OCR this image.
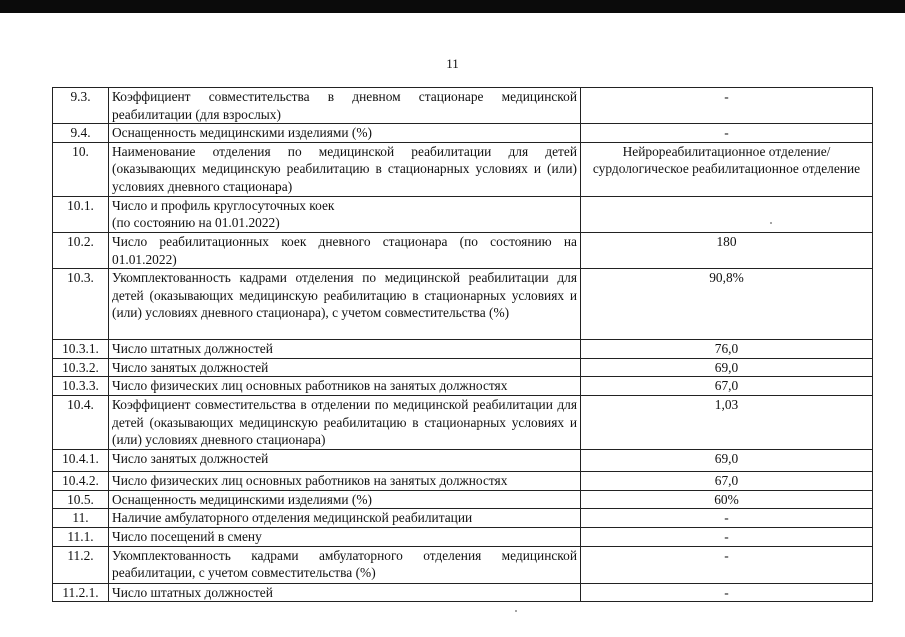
11
9.3.	Коэффициент совместительства в дневном стационаре медицинской реабилитации (для взрослых)	-
9.4.	Оснащенность медицинскими изделиями (%)	-
10.	Наименование отделения по медицинской реабилитации для детей (оказывающих медицинскую реабилитацию в стационарных условиях и (или) условиях дневного стационара)	Нейрореабилитационное отделение/сурдологическое реабилитационное отделение
10.1.	Число и профиль круглосуточных коек
(по состоянию на 01.01.2022)	
10.2.	Число реабилитационных коек дневного стационара (по состоянию на 01.01.2022)	180
10.3.	Укомплектованность кадрами отделения по медицинской реабилитации для детей (оказывающих медицинскую реабилитацию в стационарных условиях и (или) условиях дневного стационара), с учетом совместительства (%)	90,8%
10.3.1.	Число штатных должностей	76,0
10.3.2.	Число занятых должностей	69,0
10.3.3.	Число физических лиц основных работников на занятых должностях	67,0
10.4.	Коэффициент совместительства в отделении по медицинской реабилитации для детей (оказывающих медицинскую реабилитацию в стационарных условиях и (или) условиях дневного стационара)	1,03
10.4.1.	Число занятых должностей	69,0
10.4.2.	Число физических лиц основных работников на занятых должностях	67,0
10.5.	Оснащенность медицинскими изделиями (%)	60%
11.	Наличие амбулаторного отделения медицинской реабилитации	-
11.1.	Число посещений в смену	-
11.2.	Укомплектованность кадрами амбулаторного отделения медицинской реабилитации, с учетом совместительства (%)	-
11.2.1.	Число штатных должностей	-
